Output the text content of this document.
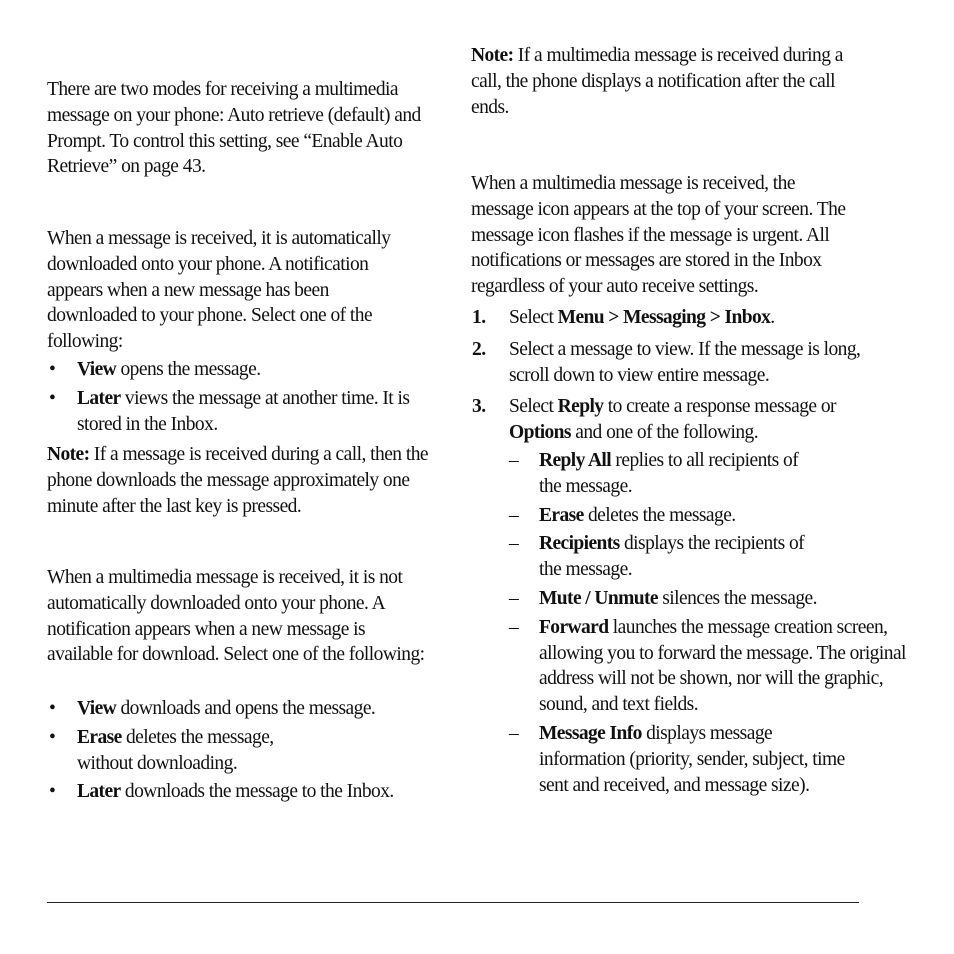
There are two modes for receiving a multimedia message on your phone: Auto retrieve (default) and Prompt. To control this setting, see “Enable Auto Retrieve” on page 43.

When a message is received, it is automatically downloaded onto your phone. A notification appears when a new message has been downloaded to your phone. Select one of the following:

• View opens the message.

• Later views the message at another time. It is stored in the Inbox.

Note: If a message is received during a call, then the phone downloads the message approximately one minute after the last key is pressed.

When a multimedia message is received, it is not automatically downloaded onto your phone. A notification appears when a new message is available for download. Select one of the following:

• View downloads and opens the message.

• Erase deletes the message, without downloading.

• Later downloads the message to the Inbox.

Note: If a multimedia message is received during a call, the phone displays a notification after the call ends.

When a multimedia message is received, the message icon appears at the top of your screen. The message icon flashes if the message is urgent. All notifications or messages are stored in the Inbox regardless of your auto receive settings.

1. Select Menu > Messaging > Inbox.

2. Select a message to view. If the message is long, scroll down to view entire message.

3. Select Reply to create a response message or Options and one of the following.

– Reply All replies to all recipients of the message.

– Erase deletes the message.

– Recipients displays the recipients of the message.

– Mute / Unmute silences the message.

– Forward launches the message creation screen, allowing you to forward the message. The original address will not be shown, nor will the graphic, sound, and text fields.

– Message Info displays message information (priority, sender, subject, time sent and received, and message size).
